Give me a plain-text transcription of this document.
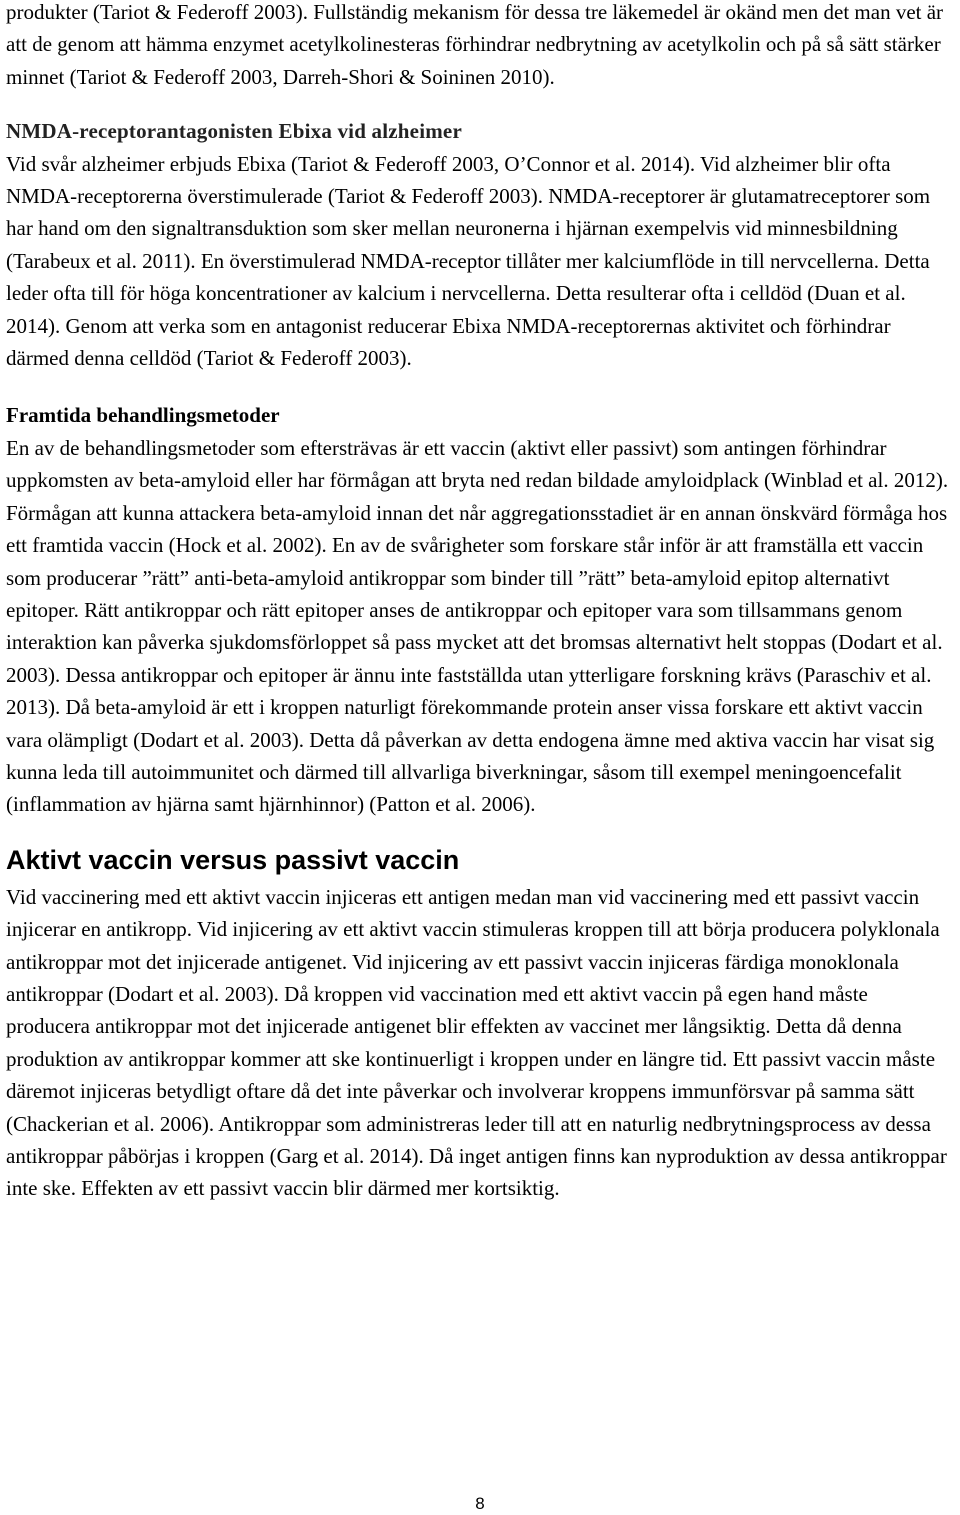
produkter (Tariot & Federoff 2003). Fullständig mekanism för dessa tre läkemedel är okänd men det man vet är att de genom att hämma enzymet acetylkolinesteras förhindrar nedbrytning av acetylkolin och på så sätt stärker minnet (Tariot & Federoff 2003, Darreh-Shori & Soininen 2010).

NMDA-receptorantagonisten Ebixa vid alzheimer

Vid svår alzheimer erbjuds Ebixa (Tariot & Federoff 2003, O’Connor et al. 2014). Vid alzheimer blir ofta NMDA-receptorerna överstimulerade (Tariot & Federoff 2003). NMDA-receptorer är glutamatreceptorer som har hand om den signaltransduktion som sker mellan neuronerna i hjärnan exempelvis vid minnesbildning (Tarabeux et al. 2011). En överstimulerad NMDA-receptor tillåter mer kalciumflöde in till nervcellerna. Detta leder ofta till för höga koncentrationer av kalcium i nervcellerna. Detta resulterar ofta i celldöd (Duan et al. 2014). Genom att verka som en antagonist reducerar Ebixa NMDA-receptorernas aktivitet och förhindrar därmed denna celldöd (Tariot & Federoff 2003).

Framtida behandlingsmetoder

En av de behandlingsmetoder som eftersträvas är ett vaccin (aktivt eller passivt) som antingen förhindrar uppkomsten av beta-amyloid eller har förmågan att bryta ned redan bildade amyloidplack (Winblad et al. 2012). Förmågan att kunna attackera beta-amyloid innan det når aggregationsstadiet är en annan önskvärd förmåga hos ett framtida vaccin (Hock et al. 2002). En av de svårigheter som forskare står inför är att framställa ett vaccin som producerar ”rätt” anti-beta-amyloid antikroppar som binder till ”rätt” beta-amyloid epitop alternativt epitoper. Rätt antikroppar och rätt epitoper anses de antikroppar och epitoper vara som tillsammans genom interaktion kan påverka sjukdomsförloppet så pass mycket att det bromsas alternativt helt stoppas (Dodart et al. 2003). Dessa antikroppar och epitoper är ännu inte fastställda utan ytterligare forskning krävs (Paraschiv et al. 2013). Då beta-amyloid är ett i kroppen naturligt förekommande protein anser vissa forskare ett aktivt vaccin vara olämpligt (Dodart et al. 2003). Detta då påverkan av detta endogena ämne med aktiva vaccin har visat sig kunna leda till autoimmunitet och därmed till allvarliga biverkningar, såsom till exempel meningoencefalit (inflammation av hjärna samt hjärnhinnor) (Patton et al. 2006).

Aktivt vaccin versus passivt vaccin

Vid vaccinering med ett aktivt vaccin injiceras ett antigen medan man vid vaccinering med ett passivt vaccin injicerar en antikropp. Vid injicering av ett aktivt vaccin stimuleras kroppen till att börja producera polyklonala antikroppar mot det injicerade antigenet. Vid injicering av ett passivt vaccin injiceras färdiga monoklonala antikroppar (Dodart et al. 2003). Då kroppen vid vaccination med ett aktivt vaccin på egen hand måste producera antikroppar mot det injicerade antigenet blir effekten av vaccinet mer långsiktig. Detta då denna produktion av antikroppar kommer att ske kontinuerligt i kroppen under en längre tid. Ett passivt vaccin måste däremot injiceras betydligt oftare då det inte påverkar och involverar kroppens immunförsvar på samma sätt (Chackerian et al. 2006). Antikroppar som administreras leder till att en naturlig nedbrytningsprocess av dessa antikroppar påbörjas i kroppen (Garg et al. 2014). Då inget antigen finns kan nyproduktion av dessa antikroppar inte ske. Effekten av ett passivt vaccin blir därmed mer kortsiktig.

8
